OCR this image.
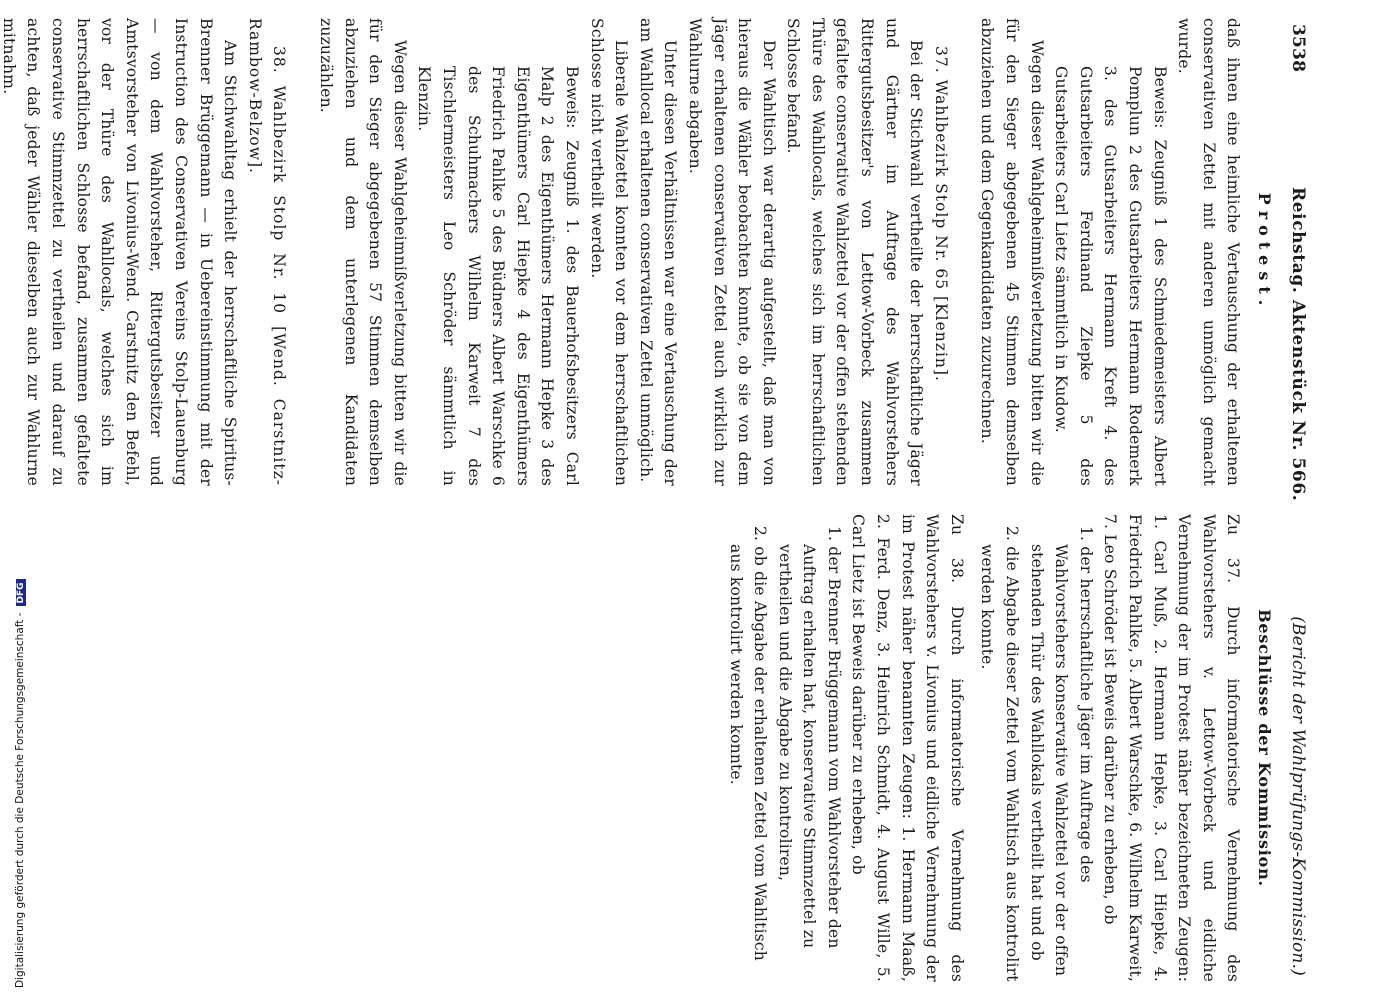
3538
Reichstag. Aktenstück Nr. 566.
(Bericht der Wahlprüfungs-Kommission.)
Protest.

daß ihnen eine heimliche Vertauschung der erhaltenen conservativen Zettel mit anderen unmöglich gemacht wurde.

Beweis: Zeugniß 1 des Schmiedemeisters Albert Pomplun 2 des Gutsarbeiters Hermann Rodemerk 3. des Gutsarbeiters Hermann Kreft 4. des Gutsarbeiters Ferdinand Ziepke 5 des Gutsarbeiters Carl Lietz sämmtlich in Kudow.

Wegen dieser Wahlgeheimnißverletzung bitten wir die für den Sieger abgegebenen 45 Stimmen demselben abzuziehen und dem Gegenkandidaten zuzurechnen.

37. Wahlbezirk Stolp Nr. 65 [Klenzin].

Bei der Stichwahl vertheilte der herrschaftliche Jäger und Gärtner im Auftrage des Wahlvorstehers Rittergutsbesitzer's von Lettow-Vorbeck zusammen gefaltete conservative Wahlzettel vor der offen stehenden Thüre des Wahllocals, welches sich im herrschaftlichen Schlosse befand.

Der Wahltisch war derartig aufgestellt, daß man von hieraus die Wähler beobachten konnte, ob sie von dem Jäger erhaltenen conservativen Zettel auch wirklich zur Wahlurne abgaben.

Unter diesen Verhältnissen war eine Vertauschung der am Wahllocal erhaltenen conservativen Zettel unmöglich.

Liberale Wahlzettel konnten vor dem herrschaftlichen Schlosse nicht vertheilt werden.

Beweis: Zeugniß 1. des Bauerhofsbesitzers Carl Malp 2 des Eigenthümers Hermann Hepke 3 des Eigenthümers Carl Hiepke 4 des Eigenthümers Friedrich Pahlke 5 des Büdners Albert Warschke 6 des Schuhmachers Wilhelm Karweit 7 des Tischlermeisters Leo Schröder sämmtlich in Klenzin.

Wegen dieser Wahlgeheimnißverletzung bitten wir die für den Sieger abgegebenen 57 Stimmen demselben abzuziehen und dem unterlegenen Kandidaten zuzuzählen.

38. Wahlbezirk Stolp Nr. 10 [Wend. Carstnitz-Rambow-Belzow].

Am Stichwahltag erhielt der herrschaftliche Spiritus-Brenner Brüggemann — in Uebereinstimmung mit der Instruction des Conservativen Vereins Stolp-Lauenburg — von dem Wahlvorsteher, Rittergutsbesitzer und Amtsvorsteher von Livonius-Wend. Carstnitz den Befehl, vor der Thüre des Wahllocals, welches sich im herrschaftlichen Schlosse befand, zusammen gefaltete conservative Stimmzettel zu vertheilen und darauf zu achten, daß jeder Wähler dieselben auch zur Wahlurne mitnahm.

Beschlüsse der Kommission.

Zu 37. Durch informatorische Vernehmung des Wahlvorstehers v. Lettow-Vorbeck und eidliche Vernehmung der im Protest näher bezeichneten Zeugen: 1. Carl Muß, 2. Hermann Hepke, 3. Carl Hiepke, 4. Friedrich Pahlke, 5. Albert Warschke, 6. Wilhelm Karweit, 7. Leo Schröder ist Beweis darüber zu erheben, ob

1. der herrschaftliche Jäger im Auftrage des Wahlvorstehers konservative Wahlzettel vor der offen stehenden Thür des Wahllokals vertheilt hat und ob

2. die Abgabe dieser Zettel vom Wahltisch aus kontrolirt werden konnte.

Zu 38. Durch informatorische Vernehmung des Wahlvorstehers v. Livonius und eidliche Vernehmung der im Protest näher benannten Zeugen: 1. Hermann Maaß, 2. Ferd. Denz, 3. Heinrich Schmidt, 4. August Wille, 5. Carl Lietz ist Beweis darüber zu erheben, ob

1. der Brenner Brüggemann vom Wahlvorsteher den Auftrag erhalten hat, konservative Stimmzettel zu vertheilen und die Abgabe zu kontroliren,

2. ob die Abgabe der erhaltenen Zettel vom Wahltisch aus kontrolirt werden konnte.

Digitalisierung gefördert durch die Deutsche Forschungsgemeinschaft -DFG
